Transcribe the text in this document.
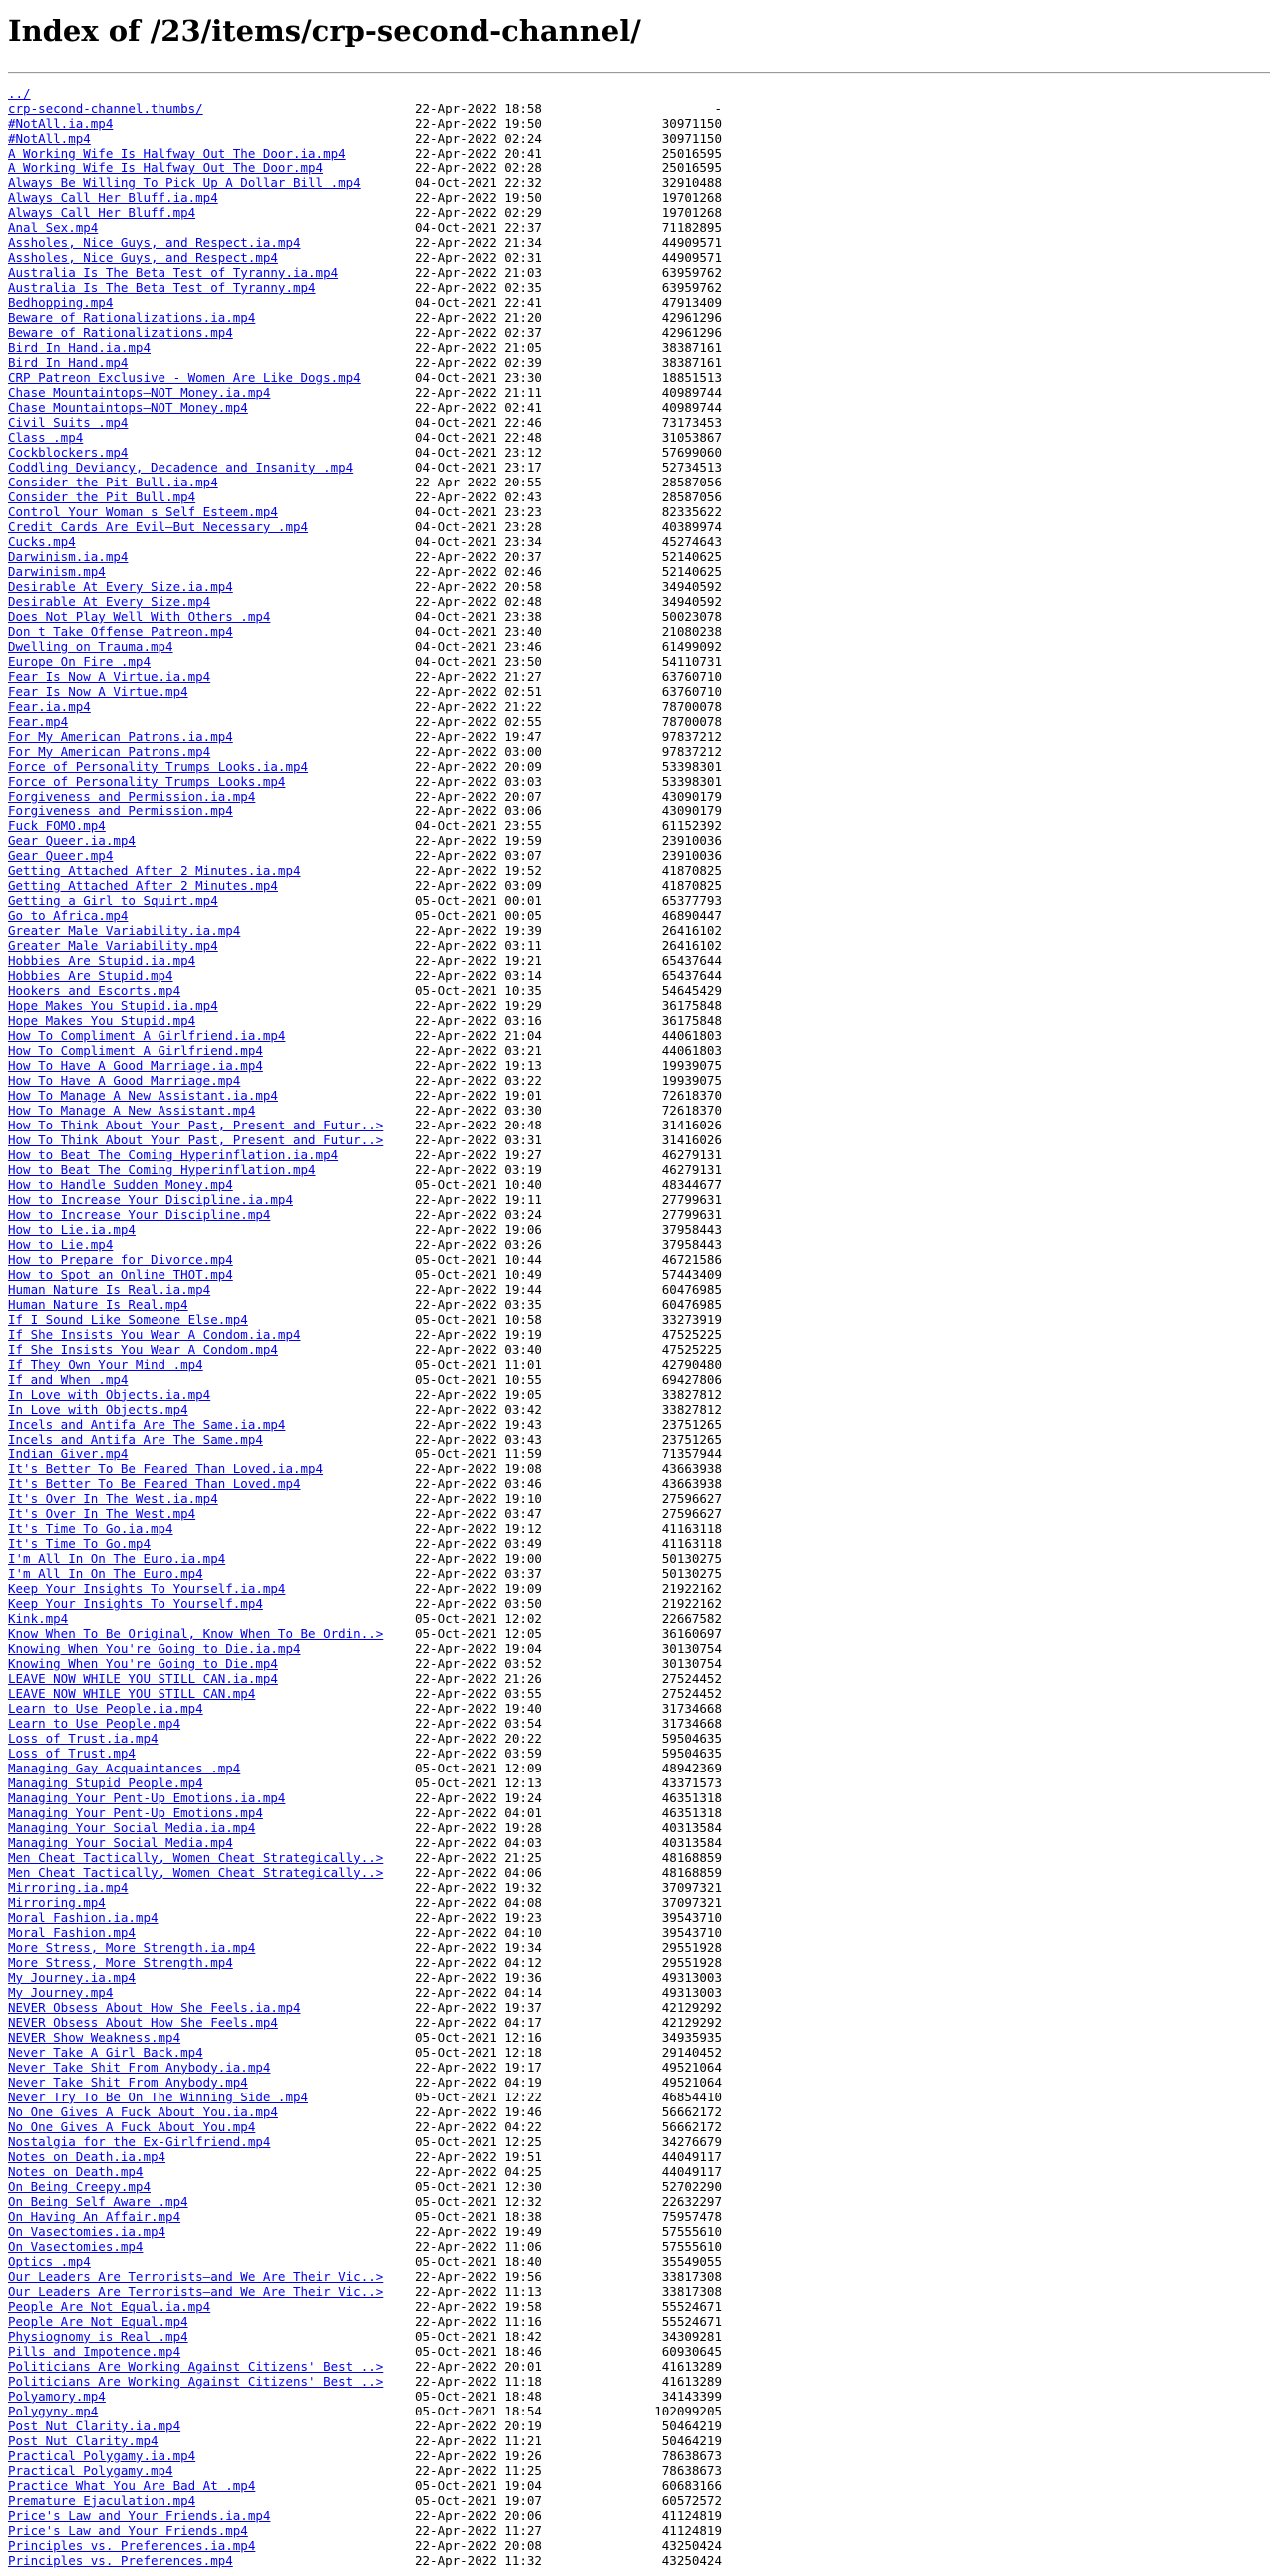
Index of /23/items/crp-second-channel/

../

crp-second-channel.thumbs/	22-Apr-2022 18:58	-
#NotAll.ia.mp4	22-Apr-2022 19:50	30971150
#NotAll.mp4	22-Apr-2022 02:24	30971150
A Working Wife Is Halfway Out The Door.ia.mp4	22-Apr-2022 20:41	25016595
A Working Wife Is Halfway Out The Door.mp4	22-Apr-2022 02:28	25016595
Always Be Willing To Pick Up A Dollar Bill .mp4	04-Oct-2021 22:32	32910488
Always Call Her Bluff.ia.mp4	22-Apr-2022 19:50	19701268
Always Call Her Bluff.mp4	22-Apr-2022 02:29	19701268
Anal Sex.mp4	04-Oct-2021 22:37	71182895
Assholes, Nice Guys, and Respect.ia.mp4	22-Apr-2022 21:34	44909571
Assholes, Nice Guys, and Respect.mp4	22-Apr-2022 02:31	44909571
Australia Is The Beta Test of Tyranny.ia.mp4	22-Apr-2022 21:03	63959762
Australia Is The Beta Test of Tyranny.mp4	22-Apr-2022 02:35	63959762
Bedhopping.mp4	04-Oct-2021 22:41	47913409
Beware of Rationalizations.ia.mp4	22-Apr-2022 21:20	42961296
Beware of Rationalizations.mp4	22-Apr-2022 02:37	42961296
Bird In Hand.ia.mp4	22-Apr-2022 21:05	38387161
Bird In Hand.mp4	22-Apr-2022 02:39	38387161
CRP Patreon Exclusive - Women Are Like Dogs.mp4	04-Oct-2021 23:30	18851513
Chase Mountaintops—NOT Money.ia.mp4	22-Apr-2022 21:11	40989744
Chase Mountaintops—NOT Money.mp4	22-Apr-2022 02:41	40989744
Civil Suits .mp4	04-Oct-2021 22:46	73173453
Class .mp4	04-Oct-2021 22:48	31053867
Cockblockers.mp4	04-Oct-2021 23:12	57699060
Coddling Deviancy, Decadence and Insanity .mp4	04-Oct-2021 23:17	52734513
Consider the Pit Bull.ia.mp4	22-Apr-2022 20:55	28587056
Consider the Pit Bull.mp4	22-Apr-2022 02:43	28587056
Control Your Woman s Self Esteem.mp4	04-Oct-2021 23:23	82335622
Credit Cards Are Evil—But Necessary .mp4	04-Oct-2021 23:28	40389974
Cucks.mp4	04-Oct-2021 23:34	45274643
Darwinism.ia.mp4	22-Apr-2022 20:37	52140625
Darwinism.mp4	22-Apr-2022 02:46	52140625
Desirable At Every Size.ia.mp4	22-Apr-2022 20:58	34940592
Desirable At Every Size.mp4	22-Apr-2022 02:48	34940592
Does Not Play Well With Others .mp4	04-Oct-2021 23:38	50023078
Don t Take Offense Patreon.mp4	04-Oct-2021 23:40	21080238
Dwelling on Trauma.mp4	04-Oct-2021 23:46	61499092
Europe On Fire .mp4	04-Oct-2021 23:50	54110731
Fear Is Now A Virtue.ia.mp4	22-Apr-2022 21:27	63760710
Fear Is Now A Virtue.mp4	22-Apr-2022 02:51	63760710
Fear.ia.mp4	22-Apr-2022 21:22	78700078
Fear.mp4	22-Apr-2022 02:55	78700078
For My American Patrons.ia.mp4	22-Apr-2022 19:47	97837212
For My American Patrons.mp4	22-Apr-2022 03:00	97837212
Force of Personality Trumps Looks.ia.mp4	22-Apr-2022 20:09	53398301
Force of Personality Trumps Looks.mp4	22-Apr-2022 03:03	53398301
Forgiveness and Permission.ia.mp4	22-Apr-2022 20:07	43090179
Forgiveness and Permission.mp4	22-Apr-2022 03:06	43090179
Fuck FOMO.mp4	04-Oct-2021 23:55	61152392
Gear Queer.ia.mp4	22-Apr-2022 19:59	23910036
Gear Queer.mp4	22-Apr-2022 03:07	23910036
Getting Attached After 2 Minutes.ia.mp4	22-Apr-2022 19:52	41870825
Getting Attached After 2 Minutes.mp4	22-Apr-2022 03:09	41870825
Getting a Girl to Squirt.mp4	05-Oct-2021 00:01	65377793
Go to Africa.mp4	05-Oct-2021 00:05	46890447
Greater Male Variability.ia.mp4	22-Apr-2022 19:39	26416102
Greater Male Variability.mp4	22-Apr-2022 03:11	26416102
Hobbies Are Stupid.ia.mp4	22-Apr-2022 19:21	65437644
Hobbies Are Stupid.mp4	22-Apr-2022 03:14	65437644
Hookers and Escorts.mp4	05-Oct-2021 10:35	54645429
Hope Makes You Stupid.ia.mp4	22-Apr-2022 19:29	36175848
Hope Makes You Stupid.mp4	22-Apr-2022 03:16	36175848
How To Compliment A Girlfriend.ia.mp4	22-Apr-2022 21:04	44061803
How To Compliment A Girlfriend.mp4	22-Apr-2022 03:21	44061803
How To Have A Good Marriage.ia.mp4	22-Apr-2022 19:13	19939075
How To Have A Good Marriage.mp4	22-Apr-2022 03:22	19939075
How To Manage A New Assistant.ia.mp4	22-Apr-2022 19:01	72618370
How To Manage A New Assistant.mp4	22-Apr-2022 03:30	72618370
How To Think About Your Past, Present and Futur..>	22-Apr-2022 20:48	31416026
How To Think About Your Past, Present and Futur..>	22-Apr-2022 03:31	31416026
How to Beat The Coming Hyperinflation.ia.mp4	22-Apr-2022 19:27	46279131
How to Beat The Coming Hyperinflation.mp4	22-Apr-2022 03:19	46279131
How to Handle Sudden Money.mp4	05-Oct-2021 10:40	48344677
How to Increase Your Discipline.ia.mp4	22-Apr-2022 19:11	27799631
How to Increase Your Discipline.mp4	22-Apr-2022 03:24	27799631
How to Lie.ia.mp4	22-Apr-2022 19:06	37958443
How to Lie.mp4	22-Apr-2022 03:26	37958443
How to Prepare for Divorce.mp4	05-Oct-2021 10:44	46721586
How to Spot an Online THOT.mp4	05-Oct-2021 10:49	57443409
Human Nature Is Real.ia.mp4	22-Apr-2022 19:44	60476985
Human Nature Is Real.mp4	22-Apr-2022 03:35	60476985
If I Sound Like Someone Else.mp4	05-Oct-2021 10:58	33273919
If She Insists You Wear A Condom.ia.mp4	22-Apr-2022 19:19	47525225
If She Insists You Wear A Condom.mp4	22-Apr-2022 03:40	47525225
If They Own Your Mind .mp4	05-Oct-2021 11:01	42790480
If and When .mp4	05-Oct-2021 10:55	69427806
In Love with Objects.ia.mp4	22-Apr-2022 19:05	33827812
In Love with Objects.mp4	22-Apr-2022 03:42	33827812
Incels and Antifa Are The Same.ia.mp4	22-Apr-2022 19:43	23751265
Incels and Antifa Are The Same.mp4	22-Apr-2022 03:43	23751265
Indian Giver.mp4	05-Oct-2021 11:59	71357944
It's Better To Be Feared Than Loved.ia.mp4	22-Apr-2022 19:08	43663938
It's Better To Be Feared Than Loved.mp4	22-Apr-2022 03:46	43663938
It's Over In The West.ia.mp4	22-Apr-2022 19:10	27596627
It's Over In The West.mp4	22-Apr-2022 03:47	27596627
It's Time To Go.ia.mp4	22-Apr-2022 19:12	41163118
It's Time To Go.mp4	22-Apr-2022 03:49	41163118
I'm All In On The Euro.ia.mp4	22-Apr-2022 19:00	50130275
I'm All In On The Euro.mp4	22-Apr-2022 03:37	50130275
Keep Your Insights To Yourself.ia.mp4	22-Apr-2022 19:09	21922162
Keep Your Insights To Yourself.mp4	22-Apr-2022 03:50	21922162
Kink.mp4	05-Oct-2021 12:02	22667582
Know When To Be Original, Know When To Be Ordin..>	05-Oct-2021 12:05	36160697
Knowing When You're Going to Die.ia.mp4	22-Apr-2022 19:04	30130754
Knowing When You're Going to Die.mp4	22-Apr-2022 03:52	30130754
LEAVE NOW WHILE YOU STILL CAN.ia.mp4	22-Apr-2022 21:26	27524452
LEAVE NOW WHILE YOU STILL CAN.mp4	22-Apr-2022 03:55	27524452
Learn to Use People.ia.mp4	22-Apr-2022 19:40	31734668
Learn to Use People.mp4	22-Apr-2022 03:54	31734668
Loss of Trust.ia.mp4	22-Apr-2022 20:22	59504635
Loss of Trust.mp4	22-Apr-2022 03:59	59504635
Managing Gay Acquaintances .mp4	05-Oct-2021 12:09	48942369
Managing Stupid People.mp4	05-Oct-2021 12:13	43371573
Managing Your Pent-Up Emotions.ia.mp4	22-Apr-2022 19:24	46351318
Managing Your Pent-Up Emotions.mp4	22-Apr-2022 04:01	46351318
Managing Your Social Media.ia.mp4	22-Apr-2022 19:28	40313584
Managing Your Social Media.mp4	22-Apr-2022 04:03	40313584
Men Cheat Tactically, Women Cheat Strategically..>	22-Apr-2022 21:25	48168859
Men Cheat Tactically, Women Cheat Strategically..>	22-Apr-2022 04:06	48168859
Mirroring.ia.mp4	22-Apr-2022 19:32	37097321
Mirroring.mp4	22-Apr-2022 04:08	37097321
Moral Fashion.ia.mp4	22-Apr-2022 19:23	39543710
Moral Fashion.mp4	22-Apr-2022 04:10	39543710
More Stress, More Strength.ia.mp4	22-Apr-2022 19:34	29551928
More Stress, More Strength.mp4	22-Apr-2022 04:12	29551928
My Journey.ia.mp4	22-Apr-2022 19:36	49313003
My Journey.mp4	22-Apr-2022 04:14	49313003
NEVER Obsess About How She Feels.ia.mp4	22-Apr-2022 19:37	42129292
NEVER Obsess About How She Feels.mp4	22-Apr-2022 04:17	42129292
NEVER Show Weakness.mp4	05-Oct-2021 12:16	34935935
Never Take A Girl Back.mp4	05-Oct-2021 12:18	29140452
Never Take Shit From Anybody.ia.mp4	22-Apr-2022 19:17	49521064
Never Take Shit From Anybody.mp4	22-Apr-2022 04:19	49521064
Never Try To Be On The Winning Side .mp4	05-Oct-2021 12:22	46854410
No One Gives A Fuck About You.ia.mp4	22-Apr-2022 19:46	56662172
No One Gives A Fuck About You.mp4	22-Apr-2022 04:22	56662172
Nostalgia for the Ex-Girlfriend.mp4	05-Oct-2021 12:25	34276679
Notes on Death.ia.mp4	22-Apr-2022 19:51	44049117
Notes on Death.mp4	22-Apr-2022 04:25	44049117
On Being Creepy.mp4	05-Oct-2021 12:30	52702290
On Being Self Aware .mp4	05-Oct-2021 12:32	22632297
On Having An Affair.mp4	05-Oct-2021 18:38	75957478
On Vasectomies.ia.mp4	22-Apr-2022 19:49	57555610
On Vasectomies.mp4	22-Apr-2022 11:06	57555610
Optics .mp4	05-Oct-2021 18:40	35549055
Our Leaders Are Terrorists—and We Are Their Vic..>	22-Apr-2022 19:56	33817308
Our Leaders Are Terrorists—and We Are Their Vic..>	22-Apr-2022 11:13	33817308
People Are Not Equal.ia.mp4	22-Apr-2022 19:58	55524671
People Are Not Equal.mp4	22-Apr-2022 11:16	55524671
Physiognomy is Real .mp4	05-Oct-2021 18:42	34309281
Pills and Impotence.mp4	05-Oct-2021 18:46	60930645
Politicians Are Working Against Citizens' Best ..>	22-Apr-2022 20:01	41613289
Politicians Are Working Against Citizens' Best ..>	22-Apr-2022 11:18	41613289
Polyamory.mp4	05-Oct-2021 18:48	34143399
Polygyny.mp4	05-Oct-2021 18:54	102099205
Post Nut Clarity.ia.mp4	22-Apr-2022 20:19	50464219
Post Nut Clarity.mp4	22-Apr-2022 11:21	50464219
Practical Polygamy.ia.mp4	22-Apr-2022 19:26	78638673
Practical Polygamy.mp4	22-Apr-2022 11:25	78638673
Practice What You Are Bad At .mp4	05-Oct-2021 19:04	60683166
Premature Ejaculation.mp4	05-Oct-2021 19:07	60572572
Price's Law and Your Friends.ia.mp4	22-Apr-2022 20:06	41124819
Price's Law and Your Friends.mp4	22-Apr-2022 11:27	41124819
Principles vs. Preferences.ia.mp4	22-Apr-2022 20:08	43250424
Principles vs. Preferences.mp4	22-Apr-2022 11:32	43250424
